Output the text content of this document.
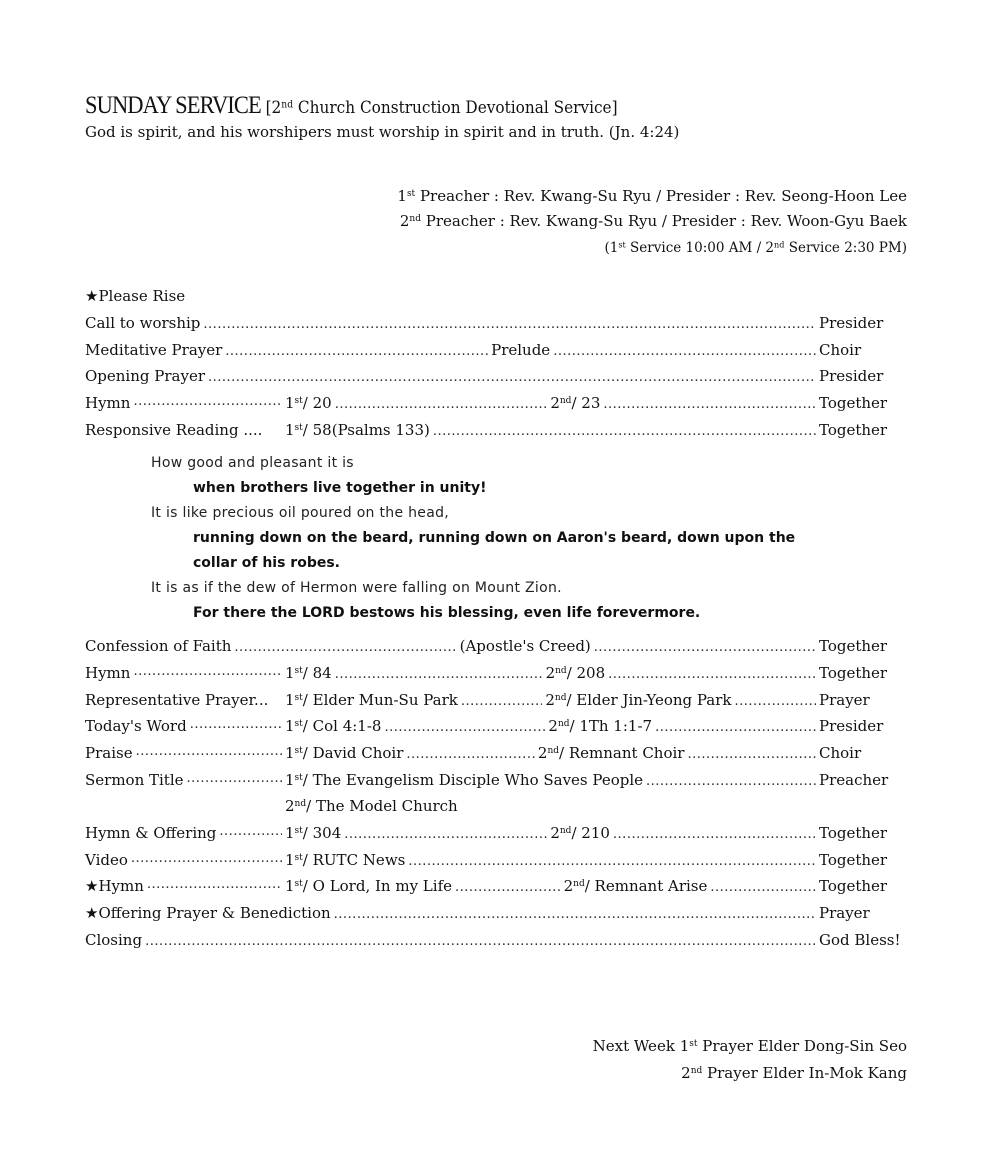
SUNDAY SERVICE [2nd Church Construction Devotional Service]
God is spirit, and his worshipers must worship in spirit and in truth. (Jn. 4:24)
1st Preacher : Rev. Kwang-Su Ryu / Presider : Rev. Seong-Hoon Lee
2nd Preacher : Rev. Kwang-Su Ryu / Presider : Rev. Woon-Gyu Baek
(1st Service 10:00 AM / 2nd Service 2:30 PM)
★Please Rise
Call to worship .....	Presider
Meditative Prayer .....	Prelude .....	Choir
Opening Prayer .....	Presider
Hymn .....	1st/ 20 .....	2nd/ 23 .....	Together
Responsive Reading .... 1st/ 58(Psalms 133) .....	Together
How good and pleasant it is
when brothers live together in unity!
It is like precious oil poured on the head,
running down on the beard, running down on Aaron's beard, down upon the
collar of his robes.
It is as if the dew of Hermon were falling on Mount Zion.
For there the LORD bestows his blessing, even life forevermore.
Confession of Faith .....	(Apostle's Creed) .....	Together
Hymn .....	1st/ 84 .....	2nd/ 208 .....	Together
Representative Prayer... 1st/ Elder Mun-Su Park .....	2nd/ Elder Jin-Yeong Park .....	Prayer
Today's Word .....	1st/ Col 4:1-8 .....	2nd/ 1Th 1:1-7 .....	Presider
Praise .....	1st/ David Choir .....	2nd/ Remnant Choir .....	Choir
Sermon Title .....	1st/ The Evangelism Disciple Who Saves People .....	Preacher
2nd/ The Model Church
Hymn & Offering .....	1st/ 304 .....	2nd/ 210 .....	Together
Video .....	1st/ RUTC News .....	Together
★Hymn .....	1st/ O Lord, In my Life .....	2nd/ Remnant Arise .....	Together
★Offering Prayer & Benediction .....	Prayer
Closing .....	God Bless!
Next Week 1st Prayer Elder Dong-Sin Seo
2nd Prayer Elder In-Mok Kang
